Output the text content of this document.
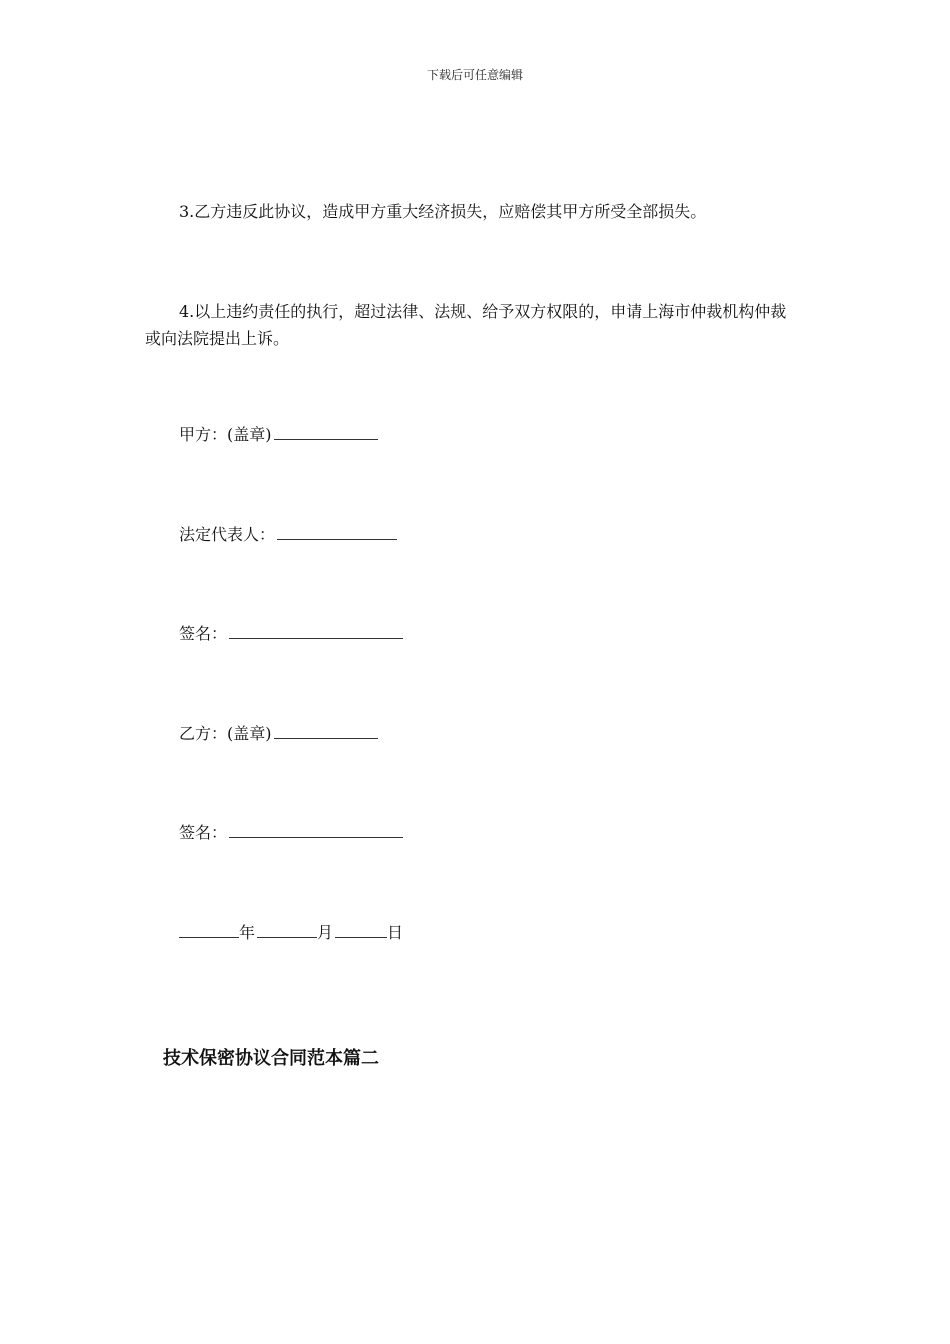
下载后可任意编辑
3.乙方违反此协议，造成甲方重大经济损失，应赔偿其甲方所受全部损失。
4.以上违约责任的执行，超过法律、法规、给予双方权限的，申请上海市仲裁机构仲裁或向法院提出上诉。
甲方：(盖章)
法定代表人：
签名：
乙方：(盖章)
签名：
年	月	日
技术保密协议合同范本篇二
